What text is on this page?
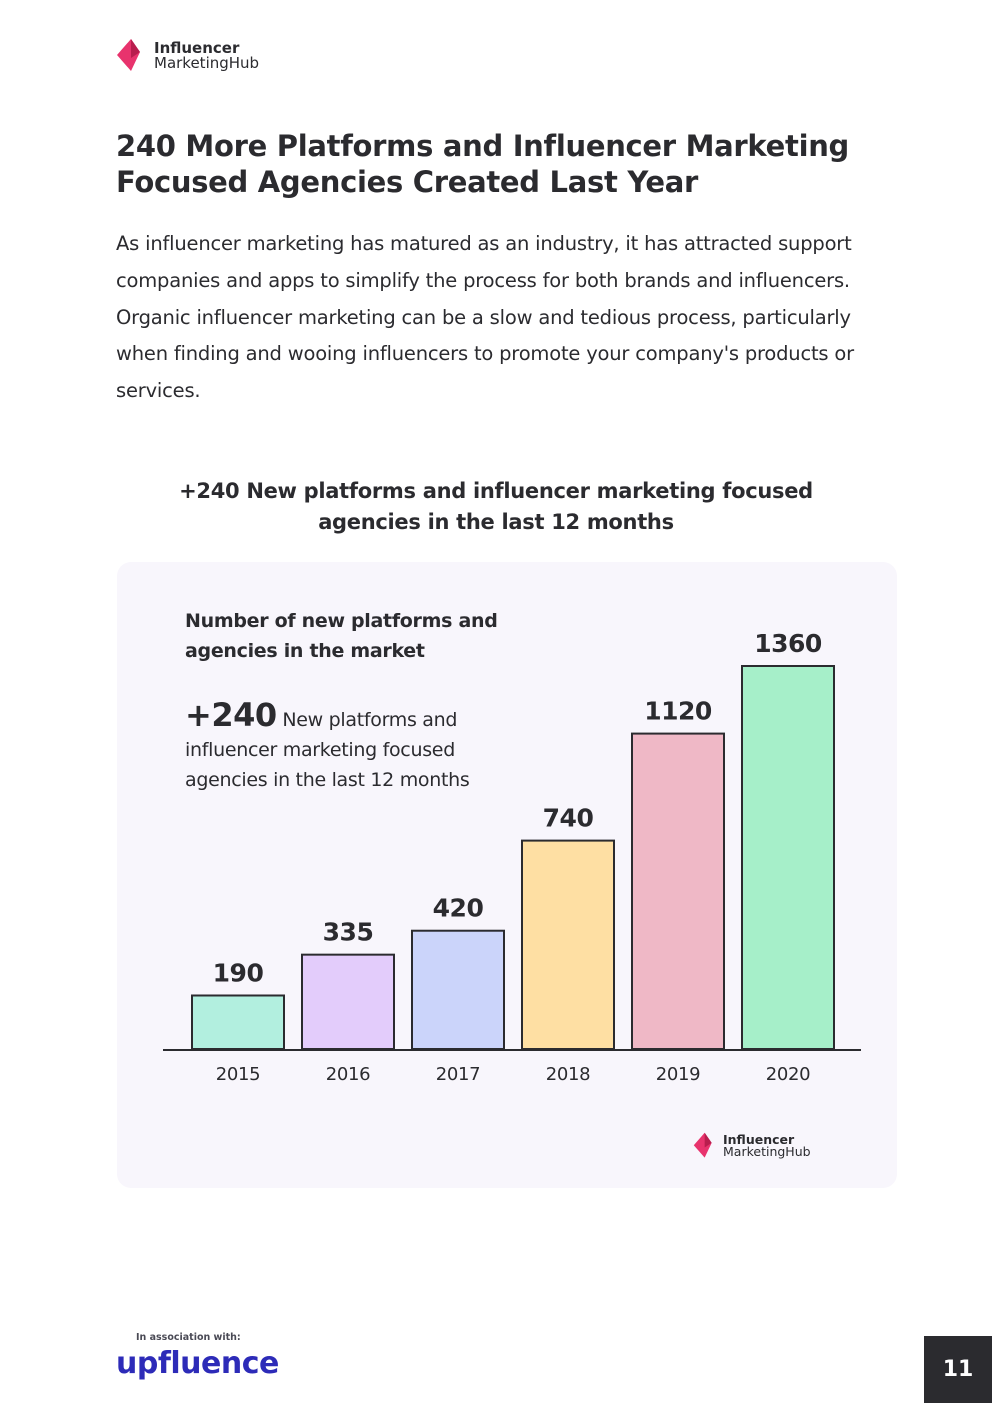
Influencer
MarketingHub
240 More Platforms and Influencer Marketing Focused Agencies Created Last Year

As influencer marketing has matured as an industry, it has attracted support companies and apps to simplify the process for both brands and influencers. Organic influencer marketing can be a slow and tedious process, particularly when finding and wooing influencers to promote your company's products or services.

+240 New platforms and influencer marketing focused agencies in the last 12 months

Number of new platforms and agencies in the market

+240 New platforms and influencer marketing focused agencies in the last 12 months

190
2015
335
2016
420
2017
740
2018
1120
2019
1360
2020
Influencer
MarketingHub

In association with:

upfluence	11
